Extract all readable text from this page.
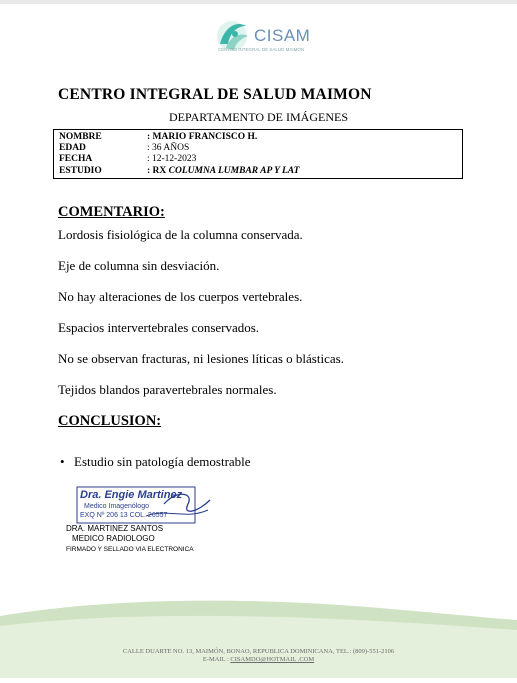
CISAM
CENTRO INTEGRAL DE SALUD MAIMON
CENTRO INTEGRAL DE SALUD MAIMON
DEPARTAMENTO DE IMÁGENES
NOMBRE	: MARIO FRANCISCO H.
EDAD	: 36 AÑOS
FECHA	: 12-12-2023
ESTUDIO	: RX COLUMNA LUMBAR AP Y LAT
COMENTARIO:
Lordosis fisiológica de la columna conservada.
Eje de columna sin desviación.
No hay alteraciones de los cuerpos vertebrales.
Espacios intervertebrales conservados.
No se observan fracturas, ni lesiones líticas o blásticas.
Tejidos blandos paravertebrales normales.
CONCLUSION:
• Estudio sin patología demostrable
Dra. Engie Martinez
Medico Imagenólogo
EXQ Nº 206 13 COL. 26557
DRA. MARTINEZ SANTOS
MEDICO RADIOLOGO
FIRMADO Y SELLADO VIA ELECTRONICA
CALLE DUARTE NO. 13, MAIMÓN, BONAO, REPUBLICA DOMINICANA, TEL.: (809)-551-2106
E-MAIL : CISAMDO@HOTMAIL .COM
